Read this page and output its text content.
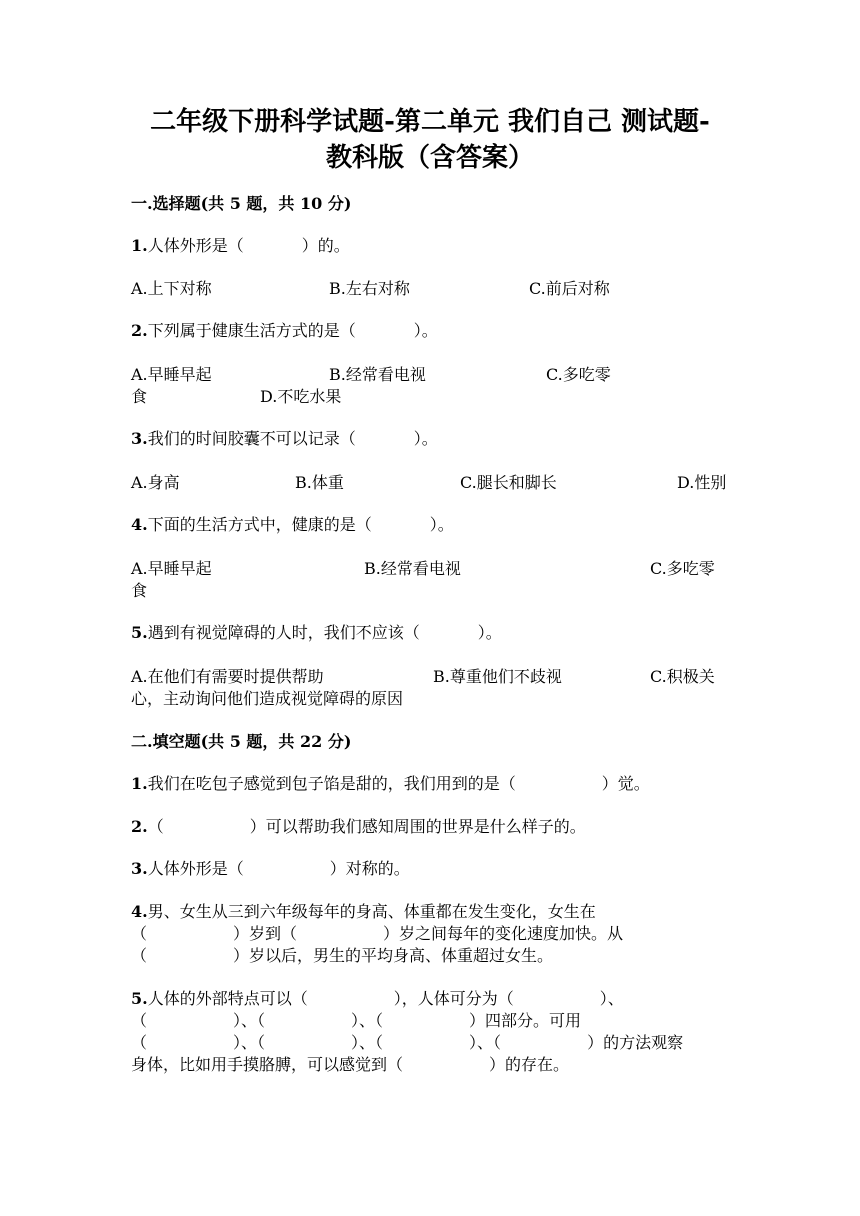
二年级下册科学试题-第二单元 我们自己 测试题-
教科版（含答案）
一.选择题(共 5 题，共 10 分)
1.人体外形是（	）的。
A.上下对称	B.左右对称	C.前后对称
2.下列属于健康生活方式的是（	）。
A.早睡早起	B.经常看电视	C.多吃零
食	D.不吃水果
3.我们的时间胶囊不可以记录（	）。
A.身高	B.体重	C.腿长和脚长	D.性别
4.下面的生活方式中，健康的是（	）。
A.早睡早起	B.经常看电视	C.多吃零
食
5.遇到有视觉障碍的人时，我们不应该（	）。
A.在他们有需要时提供帮助	B.尊重他们不歧视	C.积极关
心，主动询问他们造成视觉障碍的原因
二.填空题(共 5 题，共 22 分)
1.我们在吃包子感觉到包子馅是甜的，我们用到的是（	）觉。
2.（	）可以帮助我们感知周围的世界是什么样子的。
3.人体外形是（	）对称的。
4.男、女生从三到六年级每年的身高、体重都在发生变化，女生在
（	）岁到（	）岁之间每年的变化速度加快。从
（	）岁以后，男生的平均身高、体重超过女生。
5.人体的外部特点可以（	），人体可分为（	）、
（	）、（	）、（	）四部分。可用
（	）、（	）、（	）、（	）的方法观察
身体，比如用手摸胳膊，可以感觉到（	）的存在。
